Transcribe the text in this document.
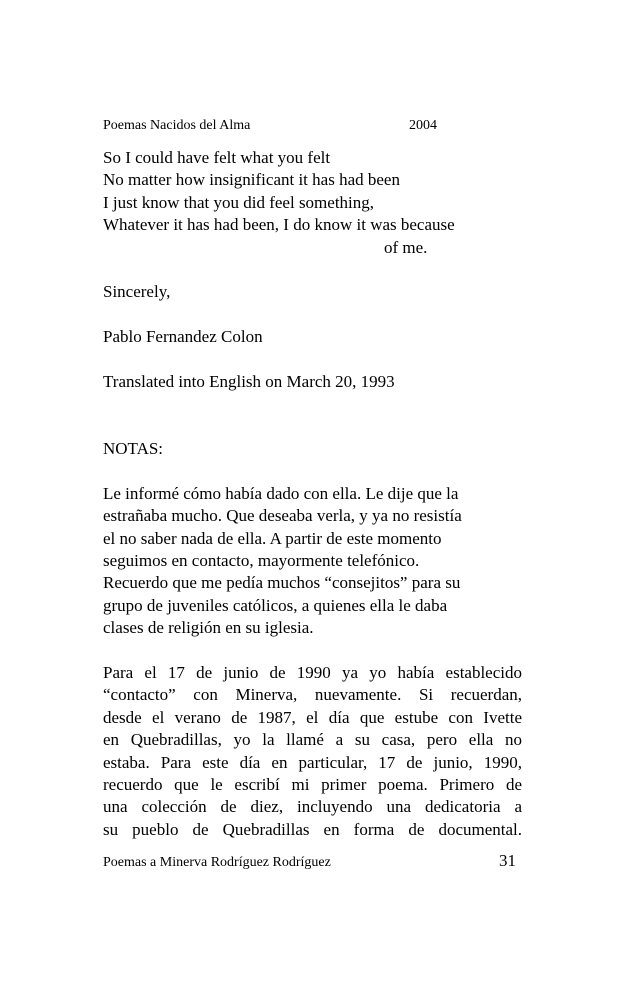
Poemas Nacidos del Alma	2004
So I could have felt what you felt
No matter how insignificant it has had been
I just know that you did feel something,
Whatever it has had been, I do know it was because
of me.
Sincerely,
Pablo Fernandez Colon
Translated into English on March 20, 1993
NOTAS:
Le informé cómo había dado con ella. Le dije que la
estrañaba mucho. Que deseaba verla, y ya no resistía
el no saber nada de ella. A partir de este momento
seguimos en contacto, mayormente telefónico.
Recuerdo que me pedía muchos “consejitos” para su
grupo de juveniles católicos, a quienes ella le daba
clases de religión en su iglesia.
Para el 17 de junio de 1990 ya yo había establecido
“contacto” con Minerva, nuevamente. Si recuerdan,
desde el verano de 1987, el día que estube con Ivette
en Quebradillas, yo la llamé a su casa, pero ella no
estaba. Para este día en particular, 17 de junio, 1990,
recuerdo que le escribí mi primer poema. Primero de
una colección de diez, incluyendo una dedicatoria a
su pueblo de Quebradillas en forma de documental.
Poemas a Minerva Rodríguez Rodríguez	31
